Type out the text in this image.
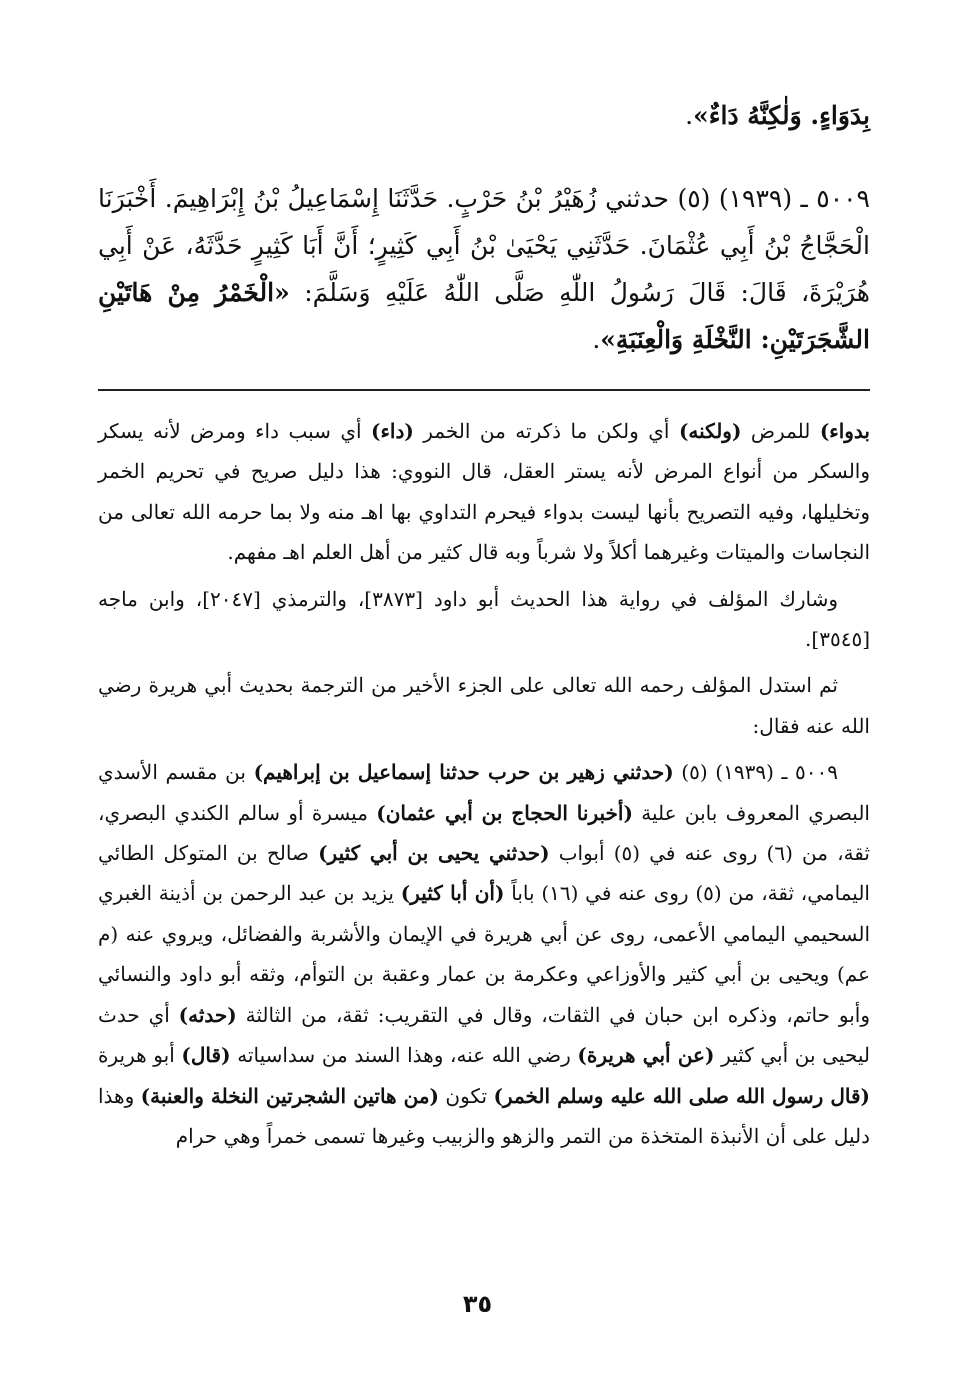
بِدَوَاءٍ. وَلٰكِنَّهُ دَاءٌ».

٥٠٠٩ ـ (١٩٣٩) (٥) حدثني زُهَيْرُ بْنُ حَرْبٍ. حَدَّثَنَا إِسْمَاعِيلُ بْنُ إِبْرَاهِيمَ. أَخْبَرَنَا الْحَجَّاجُ بْنُ أَبِي عُثْمَانَ. حَدَّثَنِي يَحْيَىٰ بْنُ أَبِي كَثِيرٍ؛ أَنَّ أَبَا كَثِيرٍ حَدَّثَهُ، عَنْ أَبِي هُرَيْرَةَ، قَالَ: قَالَ رَسُولُ اللّٰهِ صَلَّى اللّٰهُ عَلَيْهِ وَسَلَّمَ: «الْخَمْرُ مِنْ هَاتَيْنِ الشَّجَرَتَيْنِ: النَّخْلَةِ وَالْعِنَبَةِ».

بدواء) للمرض (ولكنه) أي ولكن ما ذكرته من الخمر (داء) أي سبب داء ومرض لأنه يسكر والسكر من أنواع المرض لأنه يستر العقل، قال النووي: هذا دليل صريح في تحريم الخمر وتخليلها، وفيه التصريح بأنها ليست بدواء فيحرم التداوي بها اهـ منه ولا بما حرمه الله تعالى من النجاسات والميتات وغيرهما أكلاً ولا شرباً وبه قال كثير من أهل العلم اهـ مفهم.

وشارك المؤلف في رواية هذا الحديث أبو داود [٣٨٧٣]، والترمذي [٢٠٤٧]، وابن ماجه [٣٥٤٥].

ثم استدل المؤلف رحمه الله تعالى على الجزء الأخير من الترجمة بحديث أبي هريرة رضي الله عنه فقال:

٥٠٠٩ ـ (١٩٣٩) (٥) (حدثني زهير بن حرب حدثنا إسماعيل بن إبراهيم) بن مقسم الأسدي البصري المعروف بابن علية (أخبرنا الحجاج بن أبي عثمان) ميسرة أو سالم الكندي البصري، ثقة، من (٦) روى عنه في (٥) أبواب (حدثني يحيى بن أبي كثير) صالح بن المتوكل الطائي اليمامي، ثقة، من (٥) روى عنه في (١٦) باباً (أن أبا كثير) يزيد بن عبد الرحمن بن أذينة الغبري السحيمي اليمامي الأعمى، روى عن أبي هريرة في الإيمان والأشربة والفضائل، ويروي عنه (م عم) ويحيى بن أبي كثير والأوزاعي وعكرمة بن عمار وعقبة بن التوأم، وثقه أبو داود والنسائي وأبو حاتم، وذكره ابن حبان في الثقات، وقال في التقريب: ثقة، من الثالثة (حدثه) أي حدث ليحيى بن أبي كثير (عن أبي هريرة) رضي الله عنه، وهذا السند من سداسياته (قال) أبو هريرة (قال رسول الله صلى الله عليه وسلم الخمر) تكون (من هاتين الشجرتين النخلة والعنبة) وهذا دليل على أن الأنبذة المتخذة من التمر والزهو والزبيب وغيرها تسمى خمراً وهي حرام

٣٥
